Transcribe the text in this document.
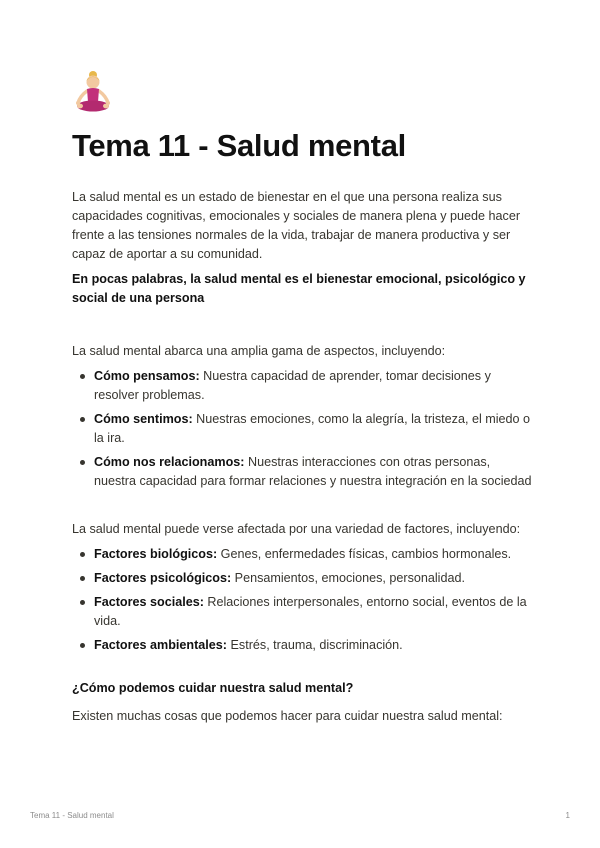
Tema 11 - Salud mental

La salud mental es un estado de bienestar en el que una persona realiza sus capacidades cognitivas, emocionales y sociales de manera plena y puede hacer frente a las tensiones normales de la vida, trabajar de manera productiva y ser capaz de aportar a su comunidad.

En pocas palabras, la salud mental es el bienestar emocional, psicológico y social de una persona

La salud mental abarca una amplia gama de aspectos, incluyendo:

Cómo pensamos: Nuestra capacidad de aprender, tomar decisiones y resolver problemas.
Cómo sentimos: Nuestras emociones, como la alegría, la tristeza, el miedo o la ira.
Cómo nos relacionamos: Nuestras interacciones con otras personas, nuestra capacidad para formar relaciones y nuestra integración en la sociedad

La salud mental puede verse afectada por una variedad de factores, incluyendo:

Factores biológicos: Genes, enfermedades físicas, cambios hormonales.
Factores psicológicos: Pensamientos, emociones, personalidad.
Factores sociales: Relaciones interpersonales, entorno social, eventos de la vida.
Factores ambientales: Estrés, trauma, discriminación.

¿Cómo podemos cuidar nuestra salud mental?

Existen muchas cosas que podemos hacer para cuidar nuestra salud mental:

Tema 11 - Salud mental	1
